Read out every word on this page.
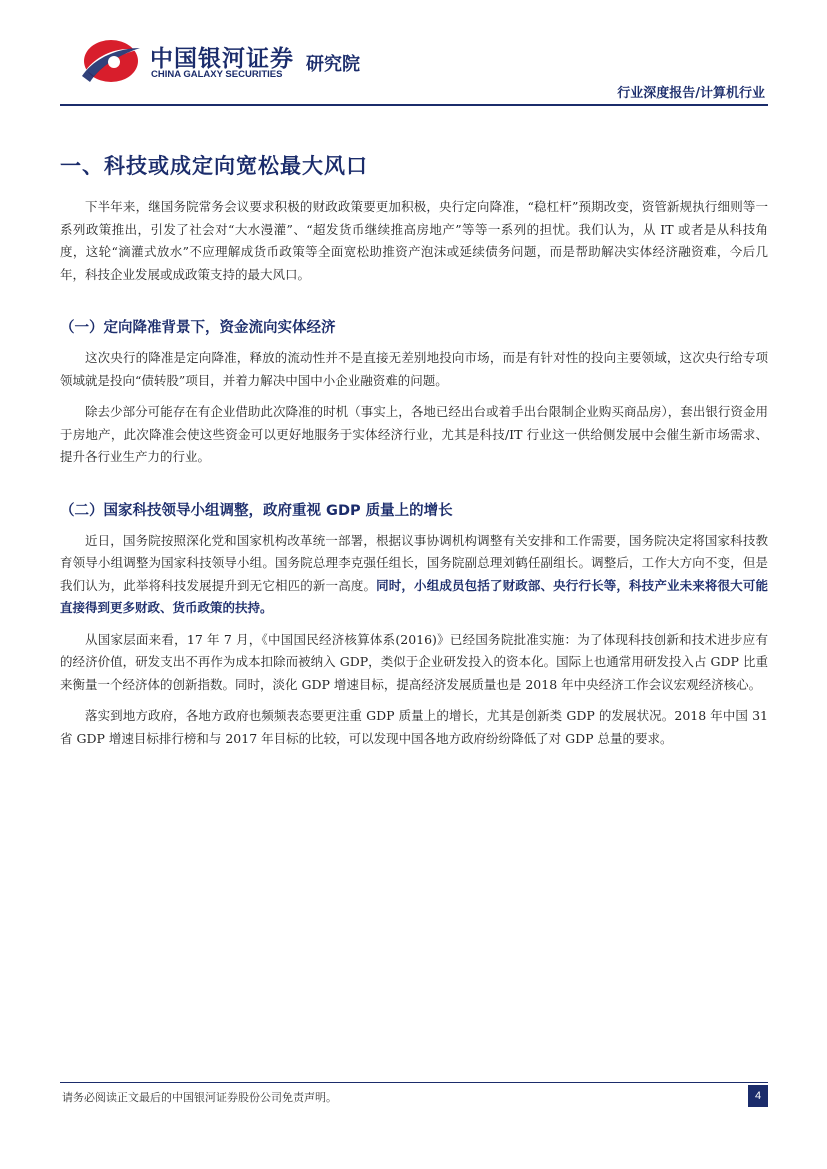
中国银河证券
CHINA GALAXY SECURITIES 研究院
行业深度报告/计算机行业
一、科技或成定向宽松最大风口

下半年来，继国务院常务会议要求积极的财政政策要更加积极，央行定向降准，“稳杠杆”预期改变，资管新规执行细则等一系列政策推出，引发了社会对“大水漫灌”、“超发货币继续推高房地产”等等一系列的担忧。我们认为，从 IT 或者是从科技角度，这轮“滴灌式放水”不应理解成货币政策等全面宽松助推资产泡沫或延续债务问题，而是帮助解决实体经济融资难，今后几年，科技企业发展或成政策支持的最大风口。

（一）定向降准背景下，资金流向实体经济

这次央行的降准是定向降准，释放的流动性并不是直接无差别地投向市场，而是有针对性的投向主要领域，这次央行给专项领域就是投向“债转股”项目，并着力解决中国中小企业融资难的问题。

除去少部分可能存在有企业借助此次降准的时机（事实上，各地已经出台或着手出台限制企业购买商品房），套出银行资金用于房地产，此次降准会使这些资金可以更好地服务于实体经济行业，尤其是科技/IT 行业这一供给侧发展中会催生新市场需求、提升各行业生产力的行业。

（二）国家科技领导小组调整，政府重视 GDP 质量上的增长

近日，国务院按照深化党和国家机构改革统一部署，根据议事协调机构调整有关安排和工作需要，国务院决定将国家科技教育领导小组调整为国家科技领导小组。国务院总理李克强任组长，国务院副总理刘鹤任副组长。调整后，工作大方向不变，但是我们认为，此举将科技发展提升到无它相匹的新一高度。同时，小组成员包括了财政部、央行行长等，科技产业未来将很大可能直接得到更多财政、货币政策的扶持。

从国家层面来看，17 年 7 月，《中国国民经济核算体系(2016)》已经国务院批准实施：为了体现科技创新和技术进步应有的经济价值，研发支出不再作为成本扣除而被纳入 GDP，类似于企业研发投入的资本化。国际上也通常用研发投入占 GDP 比重来衡量一个经济体的创新指数。同时，淡化 GDP 增速目标，提高经济发展质量也是 2018 年中央经济工作会议宏观经济核心。

落实到地方政府，各地方政府也频频表态要更注重 GDP 质量上的增长，尤其是创新类 GDP 的发展状况。2018 年中国 31 省 GDP 增速目标排行榜和与 2017 年目标的比较，可以发现中国各地方政府纷纷降低了对 GDP 总量的要求。

请务必阅读正文最后的中国银河证券股份公司免责声明。	4
